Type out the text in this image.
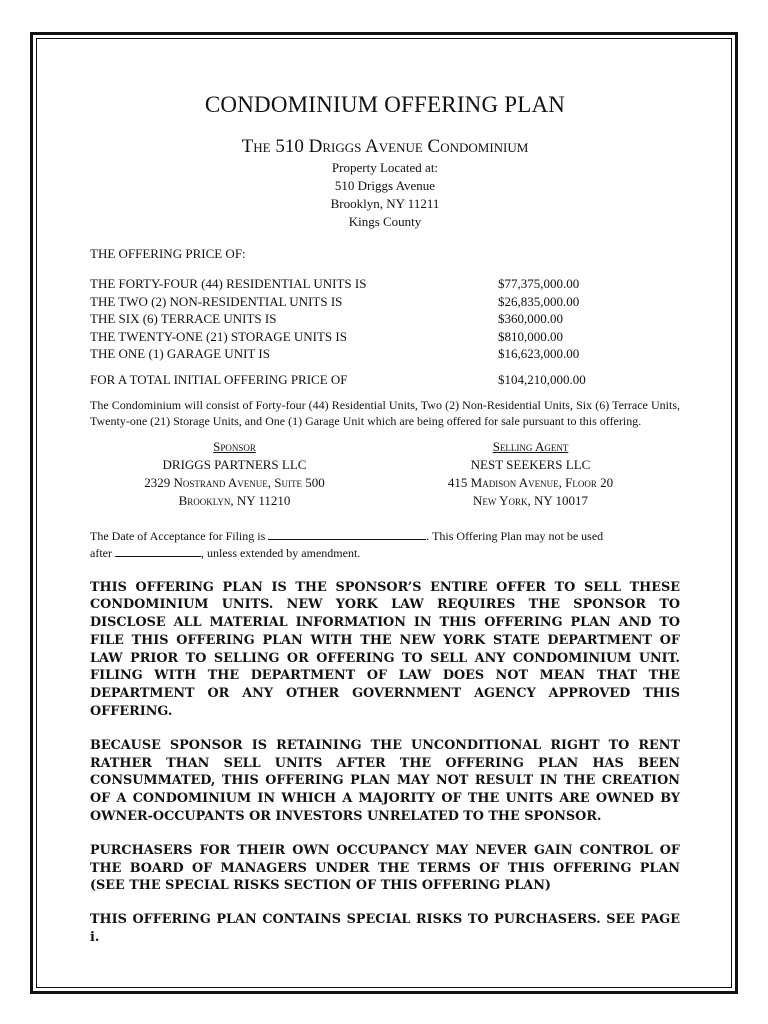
CONDOMINIUM OFFERING PLAN
The 510 Driggs Avenue Condominium
Property Located at:
510 Driggs Avenue
Brooklyn, NY 11211
Kings County
THE OFFERING PRICE OF:
THE FORTY-FOUR (44) RESIDENTIAL UNITS IS	$77,375,000.00
THE TWO (2) NON-RESIDENTIAL UNITS IS	$26,835,000.00
THE SIX (6) TERRACE UNITS IS	$360,000.00
THE TWENTY-ONE (21) STORAGE UNITS IS	$810,000.00
THE ONE (1) GARAGE UNIT IS	$16,623,000.00
FOR A TOTAL INITIAL OFFERING PRICE OF	$104,210,000.00
The Condominium will consist of Forty-four (44) Residential Units, Two (2) Non-Residential Units, Six (6) Terrace Units, Twenty-one (21) Storage Units, and One (1) Garage Unit which are being offered for sale pursuant to this offering.
Sponsor
DRIGGS PARTNERS LLC
2329 Nostrand Avenue, Suite 500
Brooklyn, NY 11210
Selling Agent
NEST SEEKERS LLC
415 Madison Avenue, Floor 20
New York, NY 10017
The Date of Acceptance for Filing is	. This Offering Plan may not be used
after	, unless extended by amendment.
THIS OFFERING PLAN IS THE SPONSOR’S ENTIRE OFFER TO SELL THESE CONDOMINIUM UNITS. NEW YORK LAW REQUIRES THE SPONSOR TO DISCLOSE ALL MATERIAL INFORMATION IN THIS OFFERING PLAN AND TO FILE THIS OFFERING PLAN WITH THE NEW YORK STATE DEPARTMENT OF LAW PRIOR TO SELLING OR OFFERING TO SELL ANY CONDOMINIUM UNIT. FILING WITH THE DEPARTMENT OF LAW DOES NOT MEAN THAT THE DEPARTMENT OR ANY OTHER GOVERNMENT AGENCY APPROVED THIS OFFERING.
BECAUSE SPONSOR IS RETAINING THE UNCONDITIONAL RIGHT TO RENT RATHER THAN SELL UNITS AFTER THE OFFERING PLAN HAS BEEN CONSUMMATED, THIS OFFERING PLAN MAY NOT RESULT IN THE CREATION OF A CONDOMINIUM IN WHICH A MAJORITY OF THE UNITS ARE OWNED BY OWNER-OCCUPANTS OR INVESTORS UNRELATED TO THE SPONSOR.
PURCHASERS FOR THEIR OWN OCCUPANCY MAY NEVER GAIN CONTROL OF THE BOARD OF MANAGERS UNDER THE TERMS OF THIS OFFERING PLAN (SEE THE SPECIAL RISKS SECTION OF THIS OFFERING PLAN)
THIS OFFERING PLAN CONTAINS SPECIAL RISKS TO PURCHASERS. SEE PAGE i.
